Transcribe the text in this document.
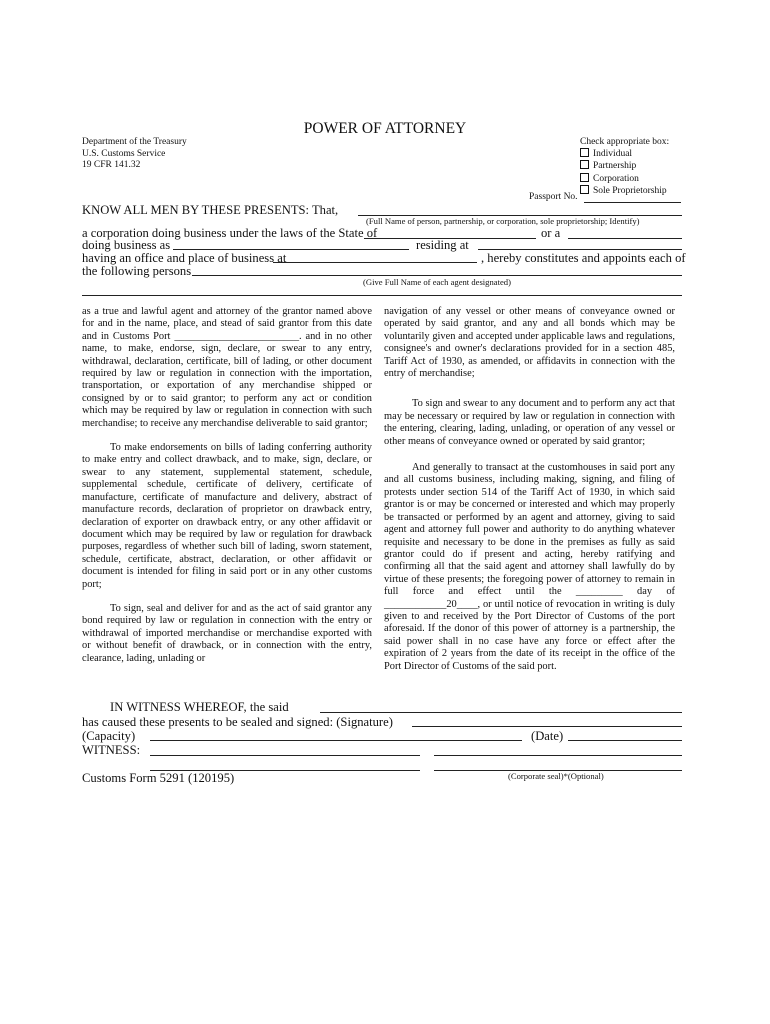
POWER OF ATTORNEY
Department of the Treasury
U.S. Customs Service
19 CFR 141.32
Check appropriate box:
Individual
Partnership
Corporation
Sole Proprietorship
Passport No.
KNOW ALL MEN BY THESE PRESENTS: That,
(Full Name of person, partnership, or corporation, sole proprietorship; Identify)
a corporation doing business under the laws of the State of	or a
doing business as	residing at
having an office and place of business at	, hereby constitutes and appoints each of
the following persons
(Give Full Name of each agent designated)

as a true and lawful agent and attorney of the grantor named above for and in the name, place, and stead of said grantor from this date and in Customs Port ________________________. and in no other name, to make, endorse, sign, declare, or swear to any entry, withdrawal, declaration, certificate, bill of lading, or other document required by law or regulation in connection with the importation, transportation, or exportation of any merchandise shipped or consigned by or to said grantor; to perform any act or condition which may be required by law or regulation in connection with such merchandise; to receive any merchandise deliverable to said grantor;

To make endorsements on bills of lading conferring authority to make entry and collect drawback, and to make, sign, declare, or swear to any statement, supplemental statement, schedule, supplemental schedule, certificate of delivery, certificate of manufacture, certificate of manufacture and delivery, abstract of manufacture records, declaration of proprietor on drawback entry, declaration of exporter on drawback entry, or any other affidavit or document which may be required by law or regulation for drawback purposes, regardless of whether such bill of lading, sworn statement, schedule, certificate, abstract, declaration, or other affidavit or document is intended for filing in said port or in any other customs port;

To sign, seal and deliver for and as the act of said grantor any bond required by law or regulation in connection with the entry or withdrawal of imported merchandise or merchandise exported with or without benefit of drawback, or in connection with the entry, clearance, lading, unlading or

navigation of any vessel or other means of conveyance owned or operated by said grantor, and any and all bonds which may be voluntarily given and accepted under applicable laws and regulations, consignee's and owner's declarations provided for in a section 485, Tariff Act of 1930, as amended, or affidavits in connection with the entry of merchandise;

To sign and swear to any document and to perform any act that may be necessary or required by law or regulation in connection with the entering, clearing, lading, unlading, or operation of any vessel or other means of conveyance owned or operated by said grantor;

And generally to transact at the customhouses in said port any and all customs business, including making, signing, and filing of protests under section 514 of the Tariff Act of 1930, in which said grantor is or may be concerned or interested and which may properly be transacted or performed by an agent and attorney, giving to said agent and attorney full power and authority to do anything whatever requisite and necessary to be done in the premises as fully as said grantor could do if present and acting, hereby ratifying and confirming all that the said agent and attorney shall lawfully do by virtue of these presents; the foregoing power of attorney to remain in full force and effect until the _________ day of ____________20____, or until notice of revocation in writing is duly given to and received by the Port Director of Customs of the port aforesaid. If the donor of this power of attorney is a partnership, the said power shall in no case have any force or effect after the expiration of 2 years from the date of its receipt in the office of the Port Director of Customs of the said port.

IN WITNESS WHEREOF, the said
has caused these presents to be sealed and signed: (Signature)
(Capacity)	(Date)
WITNESS:
Customs Form 5291 (120195)	(Corporate seal)*(Optional)
